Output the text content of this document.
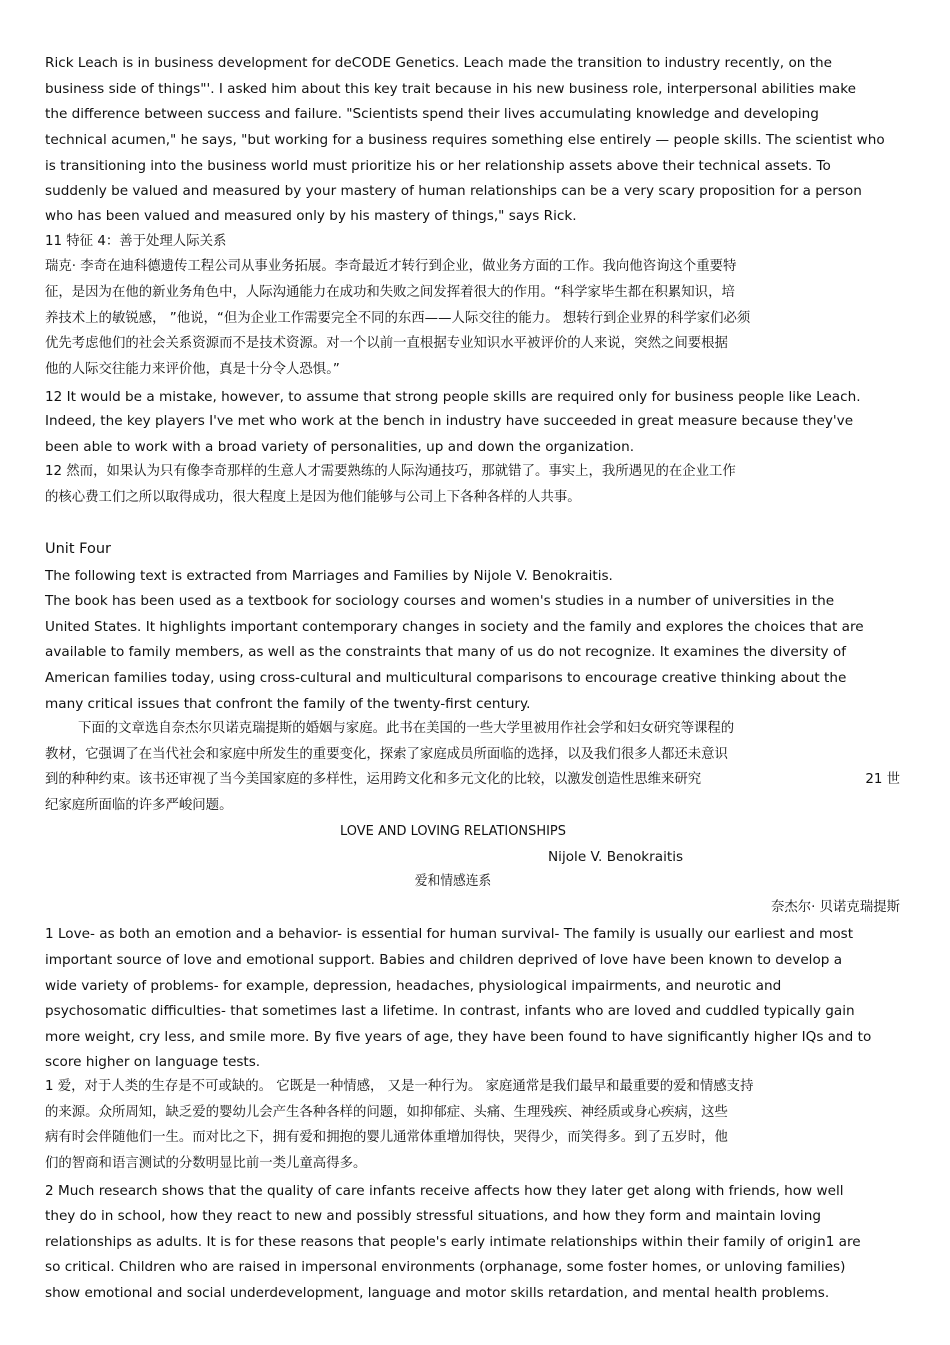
Rick Leach is in business development for deCODE Genetics. Leach made the transition to industry recently, on the
business side of things"'. I asked him about this key trait because in his new business role, interpersonal abilities make
the difference between success and failure. "Scientists spend their lives accumulating knowledge and developing
technical acumen," he says, "but working for a business requires something else entirely — people skills. The scientist who
is transitioning into the business world must prioritize his or her relationship assets above their technical assets. To
suddenly be valued and measured by your mastery of human relationships can be a very scary proposition for a person
who has been valued and measured only by his mastery of things," says Rick.
11 特征 4：善于处理人际关系
瑞克· 李奇在迪科德遗传工程公司从事业务拓展。李奇最近才转行到企业，做业务方面的工作。我向他咨询这个重要特
征，是因为在他的新业务角色中，人际沟通能力在成功和失败之间发挥着很大的作用。“科学家毕生都在积累知识，培
养技术上的敏锐感， ”他说，“但为企业工作需要完全不同的东西——人际交往的能力。 想转行到企业界的科学家们必须
优先考虑他们的社会关系资源而不是技术资源。对一个以前一直根据专业知识水平被评价的人来说，突然之间要根据
他的人际交往能力来评价他，真是十分令人恐惧。”
12 It would be a mistake, however, to assume that strong people skills are required only for business people like Leach.
Indeed, the key players I've met who work at the bench in industry have succeeded in great measure because they've
been able to work with a broad variety of personalities, up and down the organization.
12 然而，如果认为只有像李奇那样的生意人才需要熟练的人际沟通技巧，那就错了。事实上，我所遇见的在企业工作
的核心费工们之所以取得成功，很大程度上是因为他们能够与公司上下各种各样的人共事。
Unit Four
The following text is extracted from Marriages and Families by Nijole V. Benokraitis.
The book has been used as a textbook for sociology courses and women's studies in a number of universities in the
United States. It highlights important contemporary changes in society and the family and explores the choices that are
available to family members, as well as the constraints that many of us do not recognize. It examines the diversity of
American families today, using cross-cultural and multicultural comparisons to encourage creative thinking about the
many critical issues that confront the family of the twenty-first century.
下面的文章选自奈杰尔贝诺克瑞提斯的婚姻与家庭。此书在美国的一些大学里被用作社会学和妇女研究等课程的
教材，它强调了在当代社会和家庭中所发生的重要变化，探索了家庭成员所面临的选择，以及我们很多人都还未意识
到的种种约束。该书还审视了当今美国家庭的多样性，运用跨文化和多元文化的比较，以激发创造性思维来研究	21 世
纪家庭所面临的许多严峻问题。
LOVE AND LOVING RELATIONSHIPS
Nijole V. Benokraitis
爱和情感连系
奈杰尔· 贝诺克瑞提斯
1 Love- as both an emotion and a behavior- is essential for human survival- The family is usually our earliest and most
important source of love and emotional support. Babies and children deprived of love have been known to develop a
wide variety of problems- for example, depression, headaches, physiological impairments, and neurotic and
psychosomatic difficulties- that sometimes last a lifetime. In contrast, infants who are loved and cuddled typically gain
more weight, cry less, and smile more. By five years of age, they have been found to have significantly higher IQs and to
score higher on language tests.
1 爱，对于人类的生存是不可或缺的。 它既是一种情感， 又是一种行为。 家庭通常是我们最早和最重要的爱和情感支持
的来源。众所周知，缺乏爱的婴幼儿会产生各种各样的问题，如抑郁症、头痛、生理残疾、神经质或身心疾病，这些
病有时会伴随他们一生。而对比之下，拥有爱和拥抱的婴儿通常体重增加得快，哭得少，而笑得多。到了五岁时，他
们的智商和语言测试的分数明显比前一类儿童高得多。
2 Much research shows that the quality of care infants receive affects how they later get along with friends, how well
they do in school, how they react to new and possibly stressful situations, and how they form and maintain loving
relationships as adults. It is for these reasons that people's early intimate relationships within their family of origin1 are
so critical. Children who are raised in impersonal environments (orphanage, some foster homes, or unloving families)
show emotional and social underdevelopment, language and motor skills retardation, and mental health problems.
